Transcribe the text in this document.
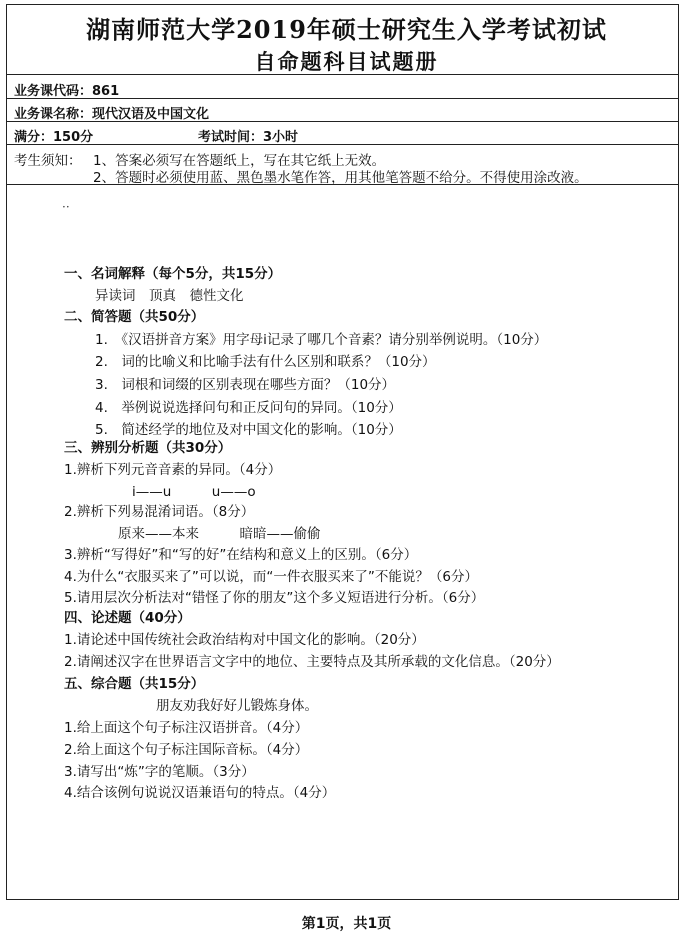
湖南师范大学2019年硕士研究生入学考试初试
自命题科目试题册
业务课代码：861
业务课名称：现代汉语及中国文化
满分：150分	考试时间：3小时
考生须知： 1、答案必须写在答题纸上，写在其它纸上无效。
2、答题时必须使用蓝、黑色墨水笔作答，用其他笔答题不给分。不得使用涂改液。
··
一、名词解释（每个5分，共15分）
异读词　顶真　德性文化
二、简答题（共50分）
1.　《汉语拼音方案》用字母i记录了哪几个音素？请分别举例说明。（10分）
2.　词的比喻义和比喻手法有什么区别和联系？（10分）
3.　词根和词缀的区别表现在哪些方面？（10分）
4.　举例说说选择问句和正反问句的异同。（10分）
5.　简述经学的地位及对中国文化的影响。（10分）
三、辨别分析题（共30分）
1.辨析下列元音音素的异同。（4分）
i——u　　　u——o
2.辨析下列易混淆词语。（8分）
原来——本来　　　暗暗——偷偷
3.辨析“写得好”和“写的好”在结构和意义上的区别。（6分）
4.为什么“衣服买来了”可以说，而“一件衣服买来了”不能说？（6分）
5.请用层次分析法对“错怪了你的朋友”这个多义短语进行分析。（6分）
四、论述题（40分）
1.请论述中国传统社会政治结构对中国文化的影响。（20分）
2.请阐述汉字在世界语言文字中的地位、主要特点及其所承载的文化信息。（20分）
五、综合题（共15分）
朋友劝我好好儿锻炼身体。
1.给上面这个句子标注汉语拼音。（4分）
2.给上面这个句子标注国际音标。（4分）
3.请写出“炼”字的笔顺。（3分）
4.结合该例句说说汉语兼语句的特点。（4分）
第1页，共1页
